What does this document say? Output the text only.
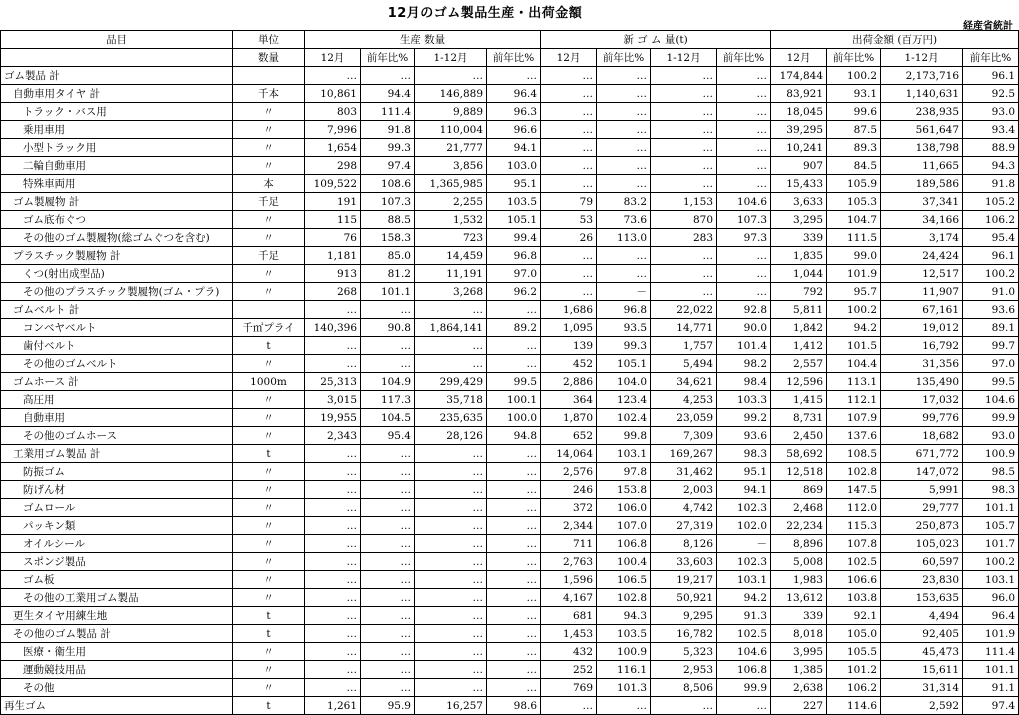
12月のゴム製品生産・出荷金額
経産省統計
品目	単位	生産 数量				新 ゴ ム 量(t)				出荷金額 (百万円)			
	数量	12月	前年比%	1-12月	前年比%	12月	前年比%	1-12月	前年比%	12月	前年比%	1-12月	前年比%
ゴム製品 計		…	…	…	…	…	…	…	…	174,844	100.2	2,173,716	96.1
自動車用タイヤ 計	千本	10,861	94.4	146,889	96.4	…	…	…	…	83,921	93.1	1,140,631	92.5
トラック・バス用	〃	803	111.4	9,889	96.3	…	…	…	…	18,045	99.6	238,935	93.0
乗用車用	〃	7,996	91.8	110,004	96.6	…	…	…	…	39,295	87.5	561,647	93.4
小型トラック用	〃	1,654	99.3	21,777	94.1	…	…	…	…	10,241	89.3	138,798	88.9
二輪自動車用	〃	298	97.4	3,856	103.0	…	…	…	…	907	84.5	11,665	94.3
特殊車両用	本	109,522	108.6	1,365,985	95.1	…	…	…	…	15,433	105.9	189,586	91.8
ゴム製履物 計	千足	191	107.3	2,255	103.5	79	83.2	1,153	104.6	3,633	105.3	37,341	105.2
ゴム底布ぐつ	〃	115	88.5	1,532	105.1	53	73.6	870	107.3	3,295	104.7	34,166	106.2
その他のゴム製履物(総ゴムぐつを含む)	〃	76	158.3	723	99.4	26	113.0	283	97.3	339	111.5	3,174	95.4
プラスチック製履物 計	千足	1,181	85.0	14,459	96.8	…	…	…	…	1,835	99.0	24,424	96.1
くつ(射出成型品)	〃	913	81.2	11,191	97.0	…	…	…	…	1,044	101.9	12,517	100.2
その他のプラスチック製履物(ゴム・プラ)	〃	268	101.1	3,268	96.2	…	－	…	…	792	95.7	11,907	91.0
ゴムベルト 計		…	…	…	…	1,686	96.8	22,022	92.8	5,811	100.2	67,161	93.6
コンベヤベルト	千㎡プライ	140,396	90.8	1,864,141	89.2	1,095	93.5	14,771	90.0	1,842	94.2	19,012	89.1
歯付ベルト	t	…	…	…	…	139	99.3	1,757	101.4	1,412	101.5	16,792	99.7
その他のゴムベルト	〃	…	…	…	…	452	105.1	5,494	98.2	2,557	104.4	31,356	97.0
ゴムホース 計	1000m	25,313	104.9	299,429	99.5	2,886	104.0	34,621	98.4	12,596	113.1	135,490	99.5
高圧用	〃	3,015	117.3	35,718	100.1	364	123.4	4,253	103.3	1,415	112.1	17,032	104.6
自動車用	〃	19,955	104.5	235,635	100.0	1,870	102.4	23,059	99.2	8,731	107.9	99,776	99.9
その他のゴムホース	〃	2,343	95.4	28,126	94.8	652	99.8	7,309	93.6	2,450	137.6	18,682	93.0
工業用ゴム製品 計	t	…	…	…	…	14,064	103.1	169,267	98.3	58,692	108.5	671,772	100.9
防振ゴム	〃	…	…	…	…	2,576	97.8	31,462	95.1	12,518	102.8	147,072	98.5
防げん材	〃	…	…	…	…	246	153.8	2,003	94.1	869	147.5	5,991	98.3
ゴムロール	〃	…	…	…	…	372	106.0	4,742	102.3	2,468	112.0	29,777	101.1
パッキン類	〃	…	…	…	…	2,344	107.0	27,319	102.0	22,234	115.3	250,873	105.7
オイルシール	〃	…	…	…	…	711	106.8	8,126	－	8,896	107.8	105,023	101.7
スポンジ製品	〃	…	…	…	…	2,763	100.4	33,603	102.3	5,008	102.5	60,597	100.2
ゴム板	〃	…	…	…	…	1,596	106.5	19,217	103.1	1,983	106.6	23,830	103.1
その他の工業用ゴム製品	〃	…	…	…	…	4,167	102.8	50,921	94.2	13,612	103.8	153,635	96.0
更生タイヤ用練生地	t	…	…	…	…	681	94.3	9,295	91.3	339	92.1	4,494	96.4
その他のゴム製品 計	t	…	…	…	…	1,453	103.5	16,782	102.5	8,018	105.0	92,405	101.9
医療・衛生用	〃	…	…	…	…	432	100.9	5,323	104.6	3,995	105.5	45,473	111.4
運動競技用品	〃	…	…	…	…	252	116.1	2,953	106.8	1,385	101.2	15,611	101.1
その他	〃	…	…	…	…	769	101.3	8,506	99.9	2,638	106.2	31,314	91.1
再生ゴム	t	1,261	95.9	16,257	98.6	…	…	…	…	227	114.6	2,592	97.4
